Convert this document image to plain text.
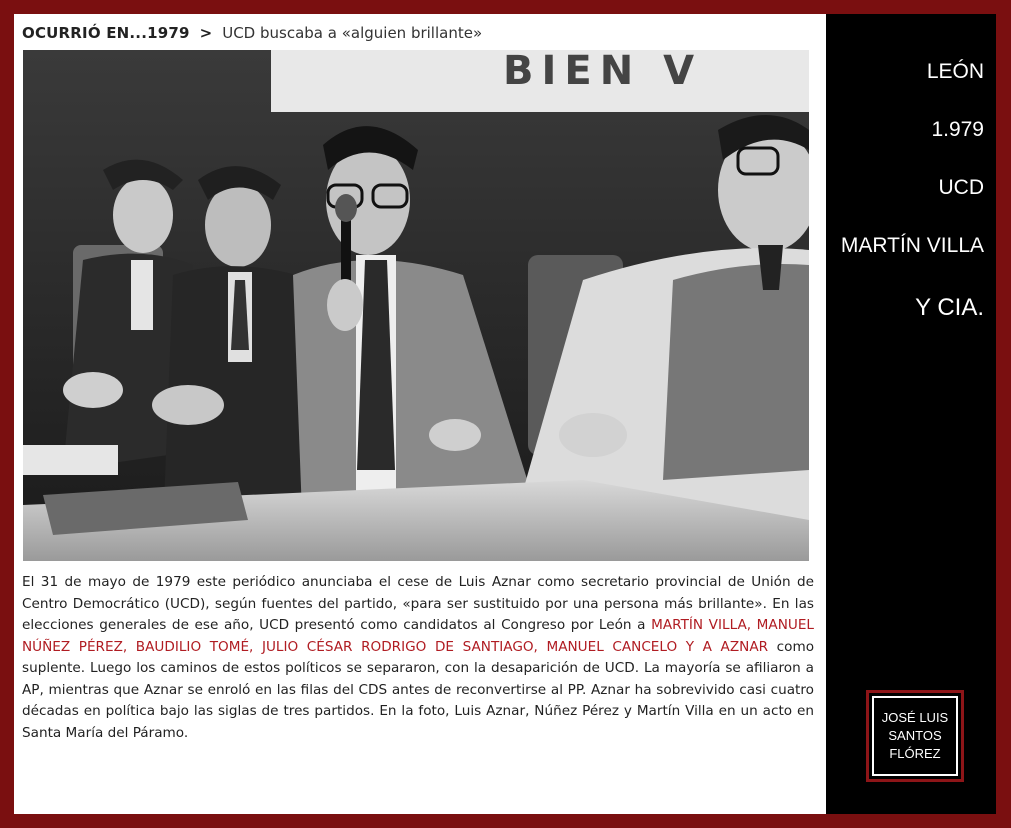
OCURRIÓ EN...1979 > UCD buscaba a «alguien brillante»
BIEN V

El 31 de mayo de 1979 este periódico anunciaba el cese de Luis Aznar como secretario provincial de Unión de Centro Democrático (UCD), según fuentes del partido, «para ser sustituido por una persona más brillante». En las elecciones generales de ese año, UCD presentó como candidatos al Congreso por León a MARTÍN VILLA, MANUEL NÚÑEZ PÉREZ, BAUDILIO TOMÉ, JULIO CÉSAR RODRIGO DE SANTIAGO, MANUEL CANCELO Y A AZNAR como suplente. Luego los caminos de estos políticos se separaron, con la desaparición de UCD. La mayoría se afiliaron a AP, mientras que Aznar se enroló en las filas del CDS antes de reconvertirse al PP. Aznar ha sobrevivido casi cuatro décadas en política bajo las siglas de tres partidos. En la foto, Luis Aznar, Núñez Pérez y Martín Villa en un acto en Santa María del Páramo.

LEÓN
1.979
UCD
MARTÍN VILLA
Y CIA.
JOSÉ LUIS
SANTOS
FLÓREZ
